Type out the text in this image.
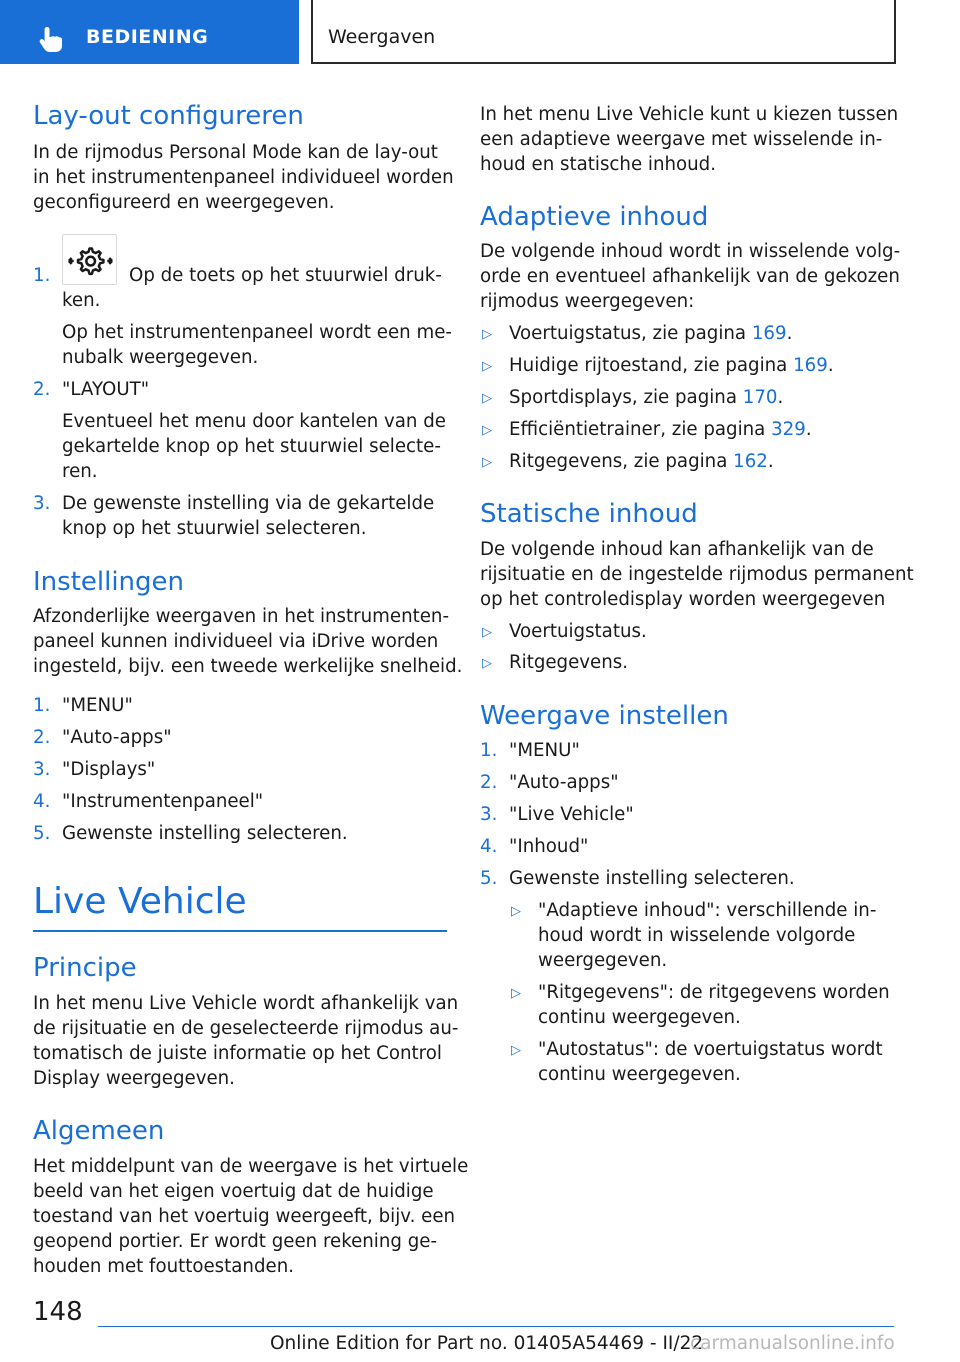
BEDIENING	Weergaven
Lay-out configureren
In de rijmodus Personal Mode kan de lay-out
in het instrumentenpaneel individueel worden
geconfigureerd en weergegeven.
1.	Op de toets op het stuurwiel druk-
ken.
Op het instrumentenpaneel wordt een me-
nubalk weergegeven.
2. "LAYOUT"
Eventueel het menu door kantelen van de
gekartelde knop op het stuurwiel selecte-
ren.
3. De gewenste instelling via de gekartelde
knop op het stuurwiel selecteren.
Instellingen
Afzonderlijke weergaven in het instrumenten-
paneel kunnen individueel via iDrive worden
ingesteld, bijv. een tweede werkelijke snelheid.
1. "MENU"
2. "Auto-apps"
3. "Displays"
4. "Instrumentenpaneel"
5. Gewenste instelling selecteren.
Live Vehicle
Principe
In het menu Live Vehicle wordt afhankelijk van
de rijsituatie en de geselecteerde rijmodus au-
tomatisch de juiste informatie op het Control
Display weergegeven.
Algemeen
Het middelpunt van de weergave is het virtuele
beeld van het eigen voertuig dat de huidige
toestand van het voertuig weergeeft, bijv. een
geopend portier. Er wordt geen rekening ge-
houden met fouttoestanden.
In het menu Live Vehicle kunt u kiezen tussen
een adaptieve weergave met wisselende in-
houd en statische inhoud.
Adaptieve inhoud
De volgende inhoud wordt in wisselende volg-
orde en eventueel afhankelijk van de gekozen
rijmodus weergegeven:
▷ Voertuigstatus, zie pagina 169.
▷ Huidige rijtoestand, zie pagina 169.
▷ Sportdisplays, zie pagina 170.
▷ Efficiëntietrainer, zie pagina 329.
▷ Ritgegevens, zie pagina 162.
Statische inhoud
De volgende inhoud kan afhankelijk van de
rijsituatie en de ingestelde rijmodus permanent
op het controledisplay worden weergegeven
▷ Voertuigstatus.
▷ Ritgegevens.
Weergave instellen
1. "MENU"
2. "Auto-apps"
3. "Live Vehicle"
4. "Inhoud"
5. Gewenste instelling selecteren.
▷ "Adaptieve inhoud": verschillende in-
houd wordt in wisselende volgorde
weergegeven.
▷ "Ritgegevens": de ritgegevens worden
continu weergegeven.
▷ "Autostatus": de voertuigstatus wordt
continu weergegeven.
148
Online Edition for Part no. 01405A54469 - II/22
carmanualsonline.info
